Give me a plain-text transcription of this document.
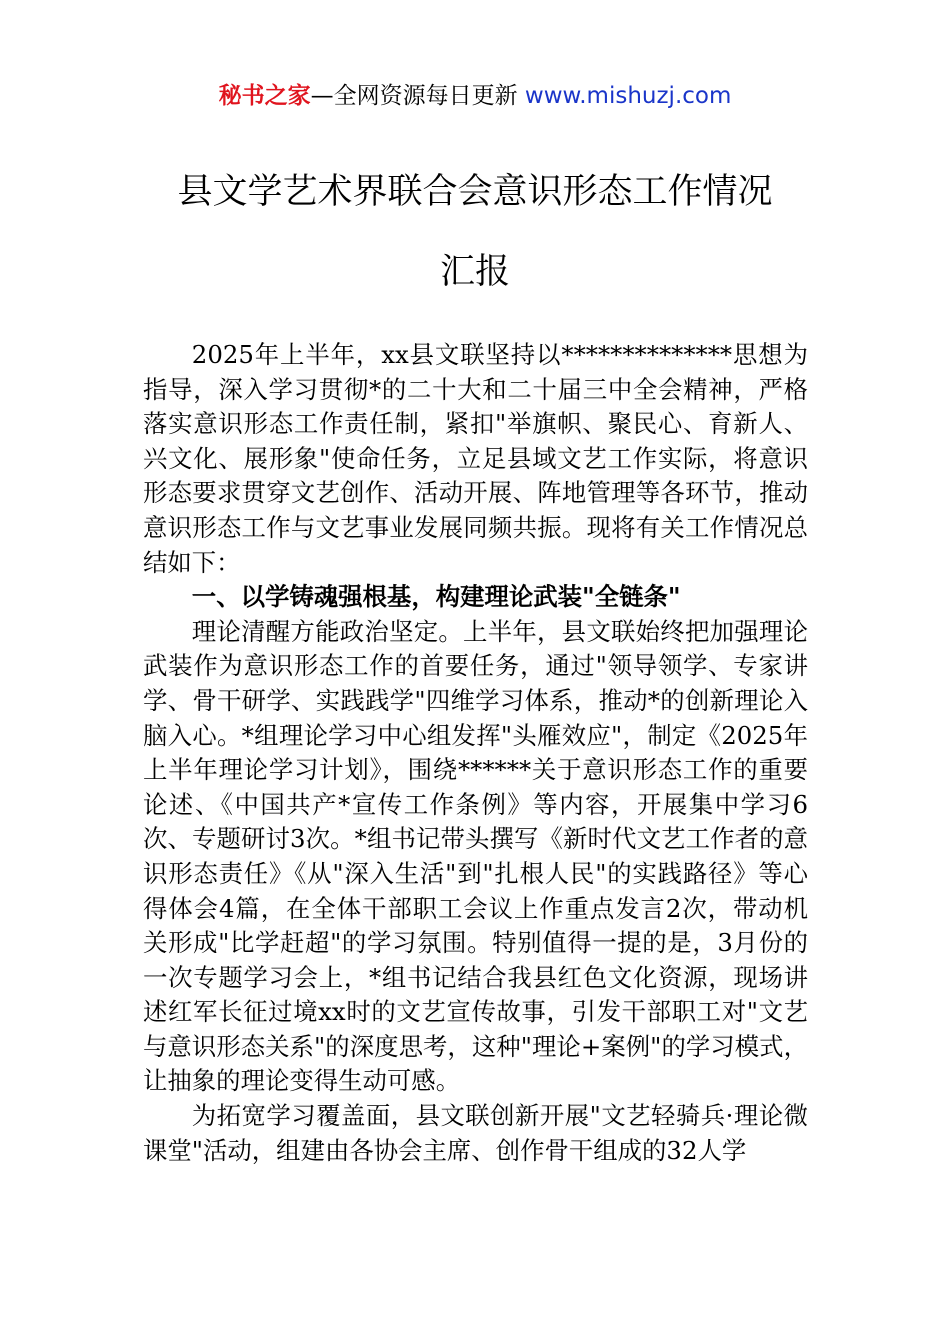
秘书之家—全网资源每日更新 www.mishuzj.com
县文学艺术界联合会意识形态工作情况
汇报

2025年上半年，xx县文联坚持以**************思想为指导，深入学习贯彻*的二十大和二十届三中全会精神，严格落实意识形态工作责任制，紧扣"举旗帜、聚民心、育新人、兴文化、展形象"使命任务，立足县域文艺工作实际，将意识形态要求贯穿文艺创作、活动开展、阵地管理等各环节，推动意识形态工作与文艺事业发展同频共振。现将有关工作情况总结如下：

一、以学铸魂强根基，构建理论武装"全链条"

理论清醒方能政治坚定。上半年，县文联始终把加强理论武装作为意识形态工作的首要任务，通过"领导领学、专家讲学、骨干研学、实践践学"四维学习体系，推动*的创新理论入脑入心。*组理论学习中心组发挥"头雁效应"，制定《2025年上半年理论学习计划》，围绕******关于意识形态工作的重要论述、《中国共产*宣传工作条例》等内容，开展集中学习6次、专题研讨3次。*组书记带头撰写《新时代文艺工作者的意识形态责任》《从"深入生活"到"扎根人民"的实践路径》等心得体会4篇，在全体干部职工会议上作重点发言2次，带动机关形成"比学赶超"的学习氛围。特别值得一提的是，3月份的一次专题学习会上，*组书记结合我县红色文化资源，现场讲述红军长征过境xx时的文艺宣传故事，引发干部职工对"文艺与意识形态关系"的深度思考，这种"理论+案例"的学习模式，让抽象的理论变得生动可感。

为拓宽学习覆盖面，县文联创新开展"文艺轻骑兵·理论微课堂"活动，组建由各协会主席、创作骨干组成的32人学
